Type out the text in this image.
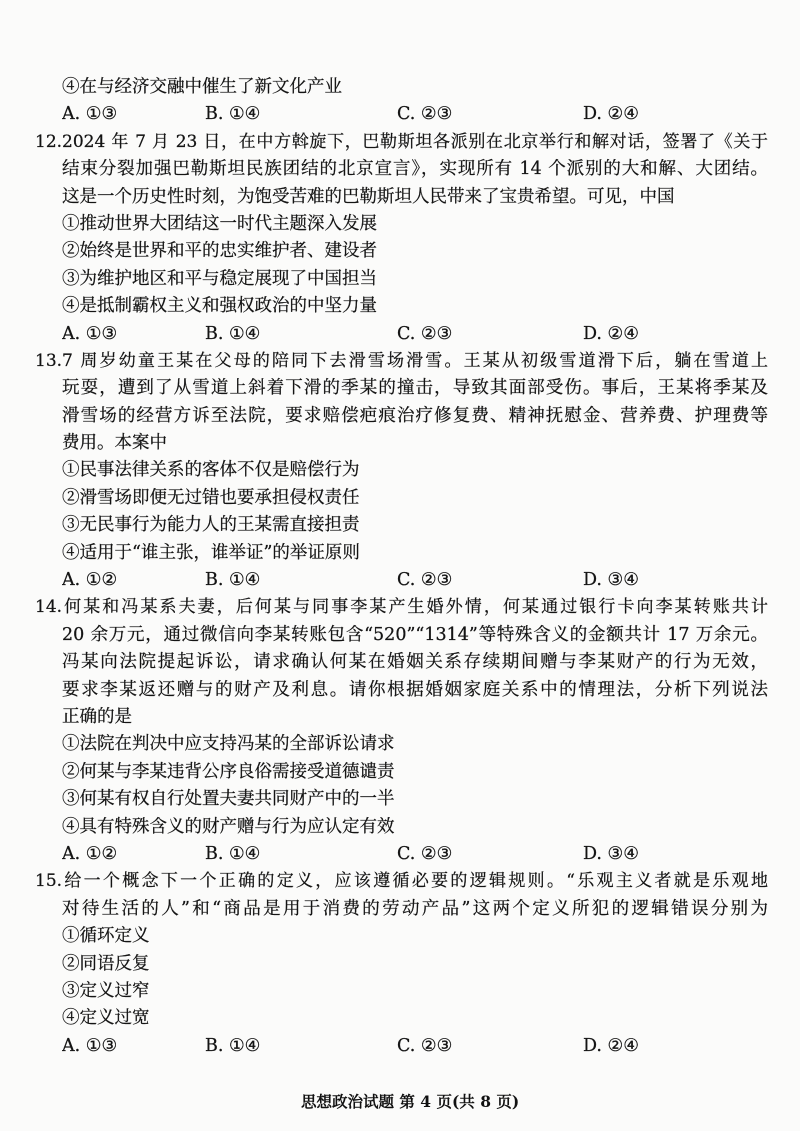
④在与经济交融中催生了新文化产业
A. ①③	B. ①④	C. ②③	D. ②④
12.2024 年 7 月 23 日，在中方斡旋下，巴勒斯坦各派别在北京举行和解对话，签署了《关于
结束分裂加强巴勒斯坦民族团结的北京宣言》，实现所有 14 个派别的大和解、大团结。
这是一个历史性时刻，为饱受苦难的巴勒斯坦人民带来了宝贵希望。可见，中国
①推动世界大团结这一时代主题深入发展
②始终是世界和平的忠实维护者、建设者
③为维护地区和平与稳定展现了中国担当
④是抵制霸权主义和强权政治的中坚力量
A. ①③	B. ①④	C. ②③	D. ②④
13.7 周岁幼童王某在父母的陪同下去滑雪场滑雪。王某从初级雪道滑下后，躺在雪道上
玩耍，遭到了从雪道上斜着下滑的季某的撞击，导致其面部受伤。事后，王某将季某及
滑雪场的经营方诉至法院，要求赔偿疤痕治疗修复费、精神抚慰金、营养费、护理费等
费用。本案中
①民事法律关系的客体不仅是赔偿行为
②滑雪场即便无过错也要承担侵权责任
③无民事行为能力人的王某需直接担责
④适用于“谁主张，谁举证”的举证原则
A. ①②	B. ①④	C. ②③	D. ③④
14.何某和冯某系夫妻，后何某与同事李某产生婚外情，何某通过银行卡向李某转账共计
20 余万元，通过微信向李某转账包含“520”“1314”等特殊含义的金额共计 17 万余元。
冯某向法院提起诉讼，请求确认何某在婚姻关系存续期间赠与李某财产的行为无效，
要求李某返还赠与的财产及利息。请你根据婚姻家庭关系中的情理法，分析下列说法
正确的是
①法院在判决中应支持冯某的全部诉讼请求
②何某与李某违背公序良俗需接受道德谴责
③何某有权自行处置夫妻共同财产中的一半
④具有特殊含义的财产赠与行为应认定有效
A. ①②	B. ①④	C. ②③	D. ③④
15.给一个概念下一个正确的定义，应该遵循必要的逻辑规则。“乐观主义者就是乐观地
对待生活的人”和“商品是用于消费的劳动产品”这两个定义所犯的逻辑错误分别为
①循环定义
②同语反复
③定义过窄
④定义过宽
A. ①③	B. ①④	C. ②③	D. ②④
思想政治试题 第 4 页(共 8 页)
